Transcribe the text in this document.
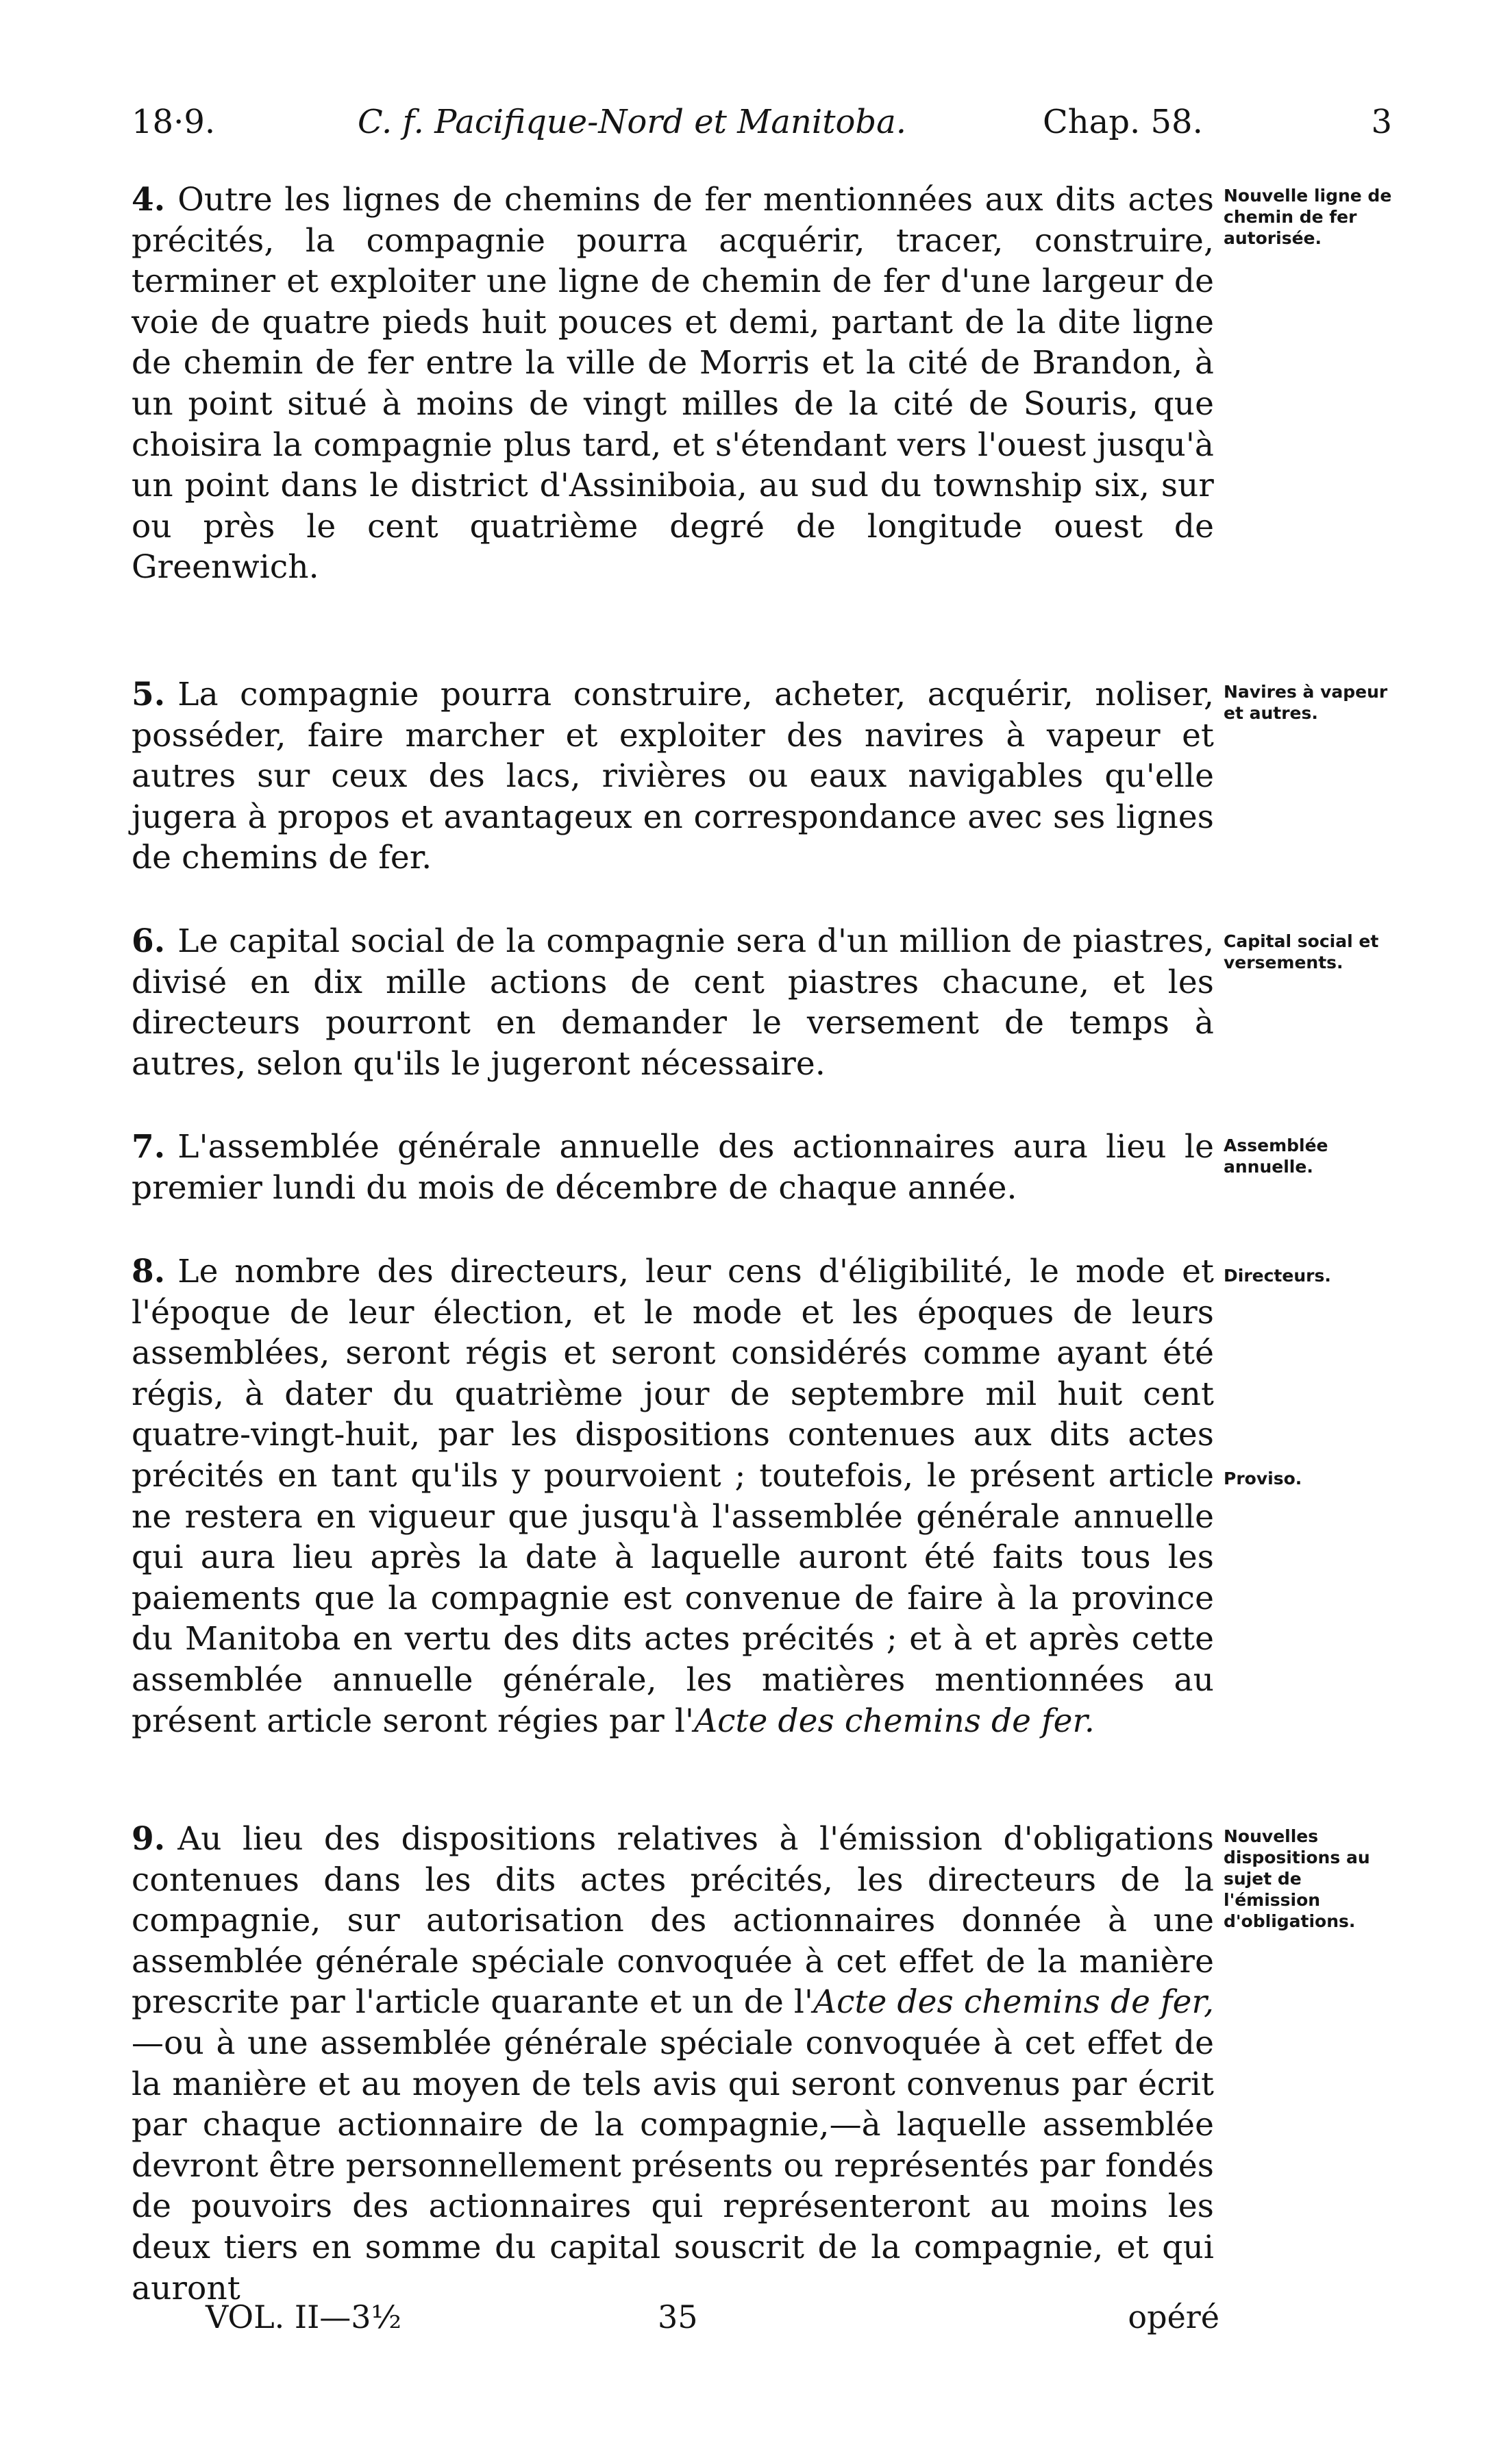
18·9.	C. f. Pacifique-Nord et Manitoba.	Chap. 58.	3
4. Outre les lignes de chemins de fer mentionnées aux dits actes précités, la compagnie pourra acquérir, tracer, construire, terminer et exploiter une ligne de chemin de fer d'une largeur de voie de quatre pieds huit pouces et demi, partant de la dite ligne de chemin de fer entre la ville de Morris et la cité de Brandon, à un point situé à moins de vingt milles de la cité de Souris, que choisira la compagnie plus tard, et s'étendant vers l'ouest jusqu'à un point dans le district d'Assiniboia, au sud du township six, sur ou près le cent quatrième degré de longitude ouest de Greenwich.
Nouvelle ligne de chemin de fer autorisée.
5. La compagnie pourra construire, acheter, acquérir, noliser, posséder, faire marcher et exploiter des navires à vapeur et autres sur ceux des lacs, rivières ou eaux navigables qu'elle jugera à propos et avantageux en correspondance avec ses lignes de chemins de fer.
Navires à vapeur et autres.
6. Le capital social de la compagnie sera d'un million de piastres, divisé en dix mille actions de cent piastres chacune, et les directeurs pourront en demander le versement de temps à autres, selon qu'ils le jugeront nécessaire.
Capital social et versements.
7. L'assemblée générale annuelle des actionnaires aura lieu le premier lundi du mois de décembre de chaque année.
Assemblée annuelle.
8. Le nombre des directeurs, leur cens d'éligibilité, le mode et l'époque de leur élection, et le mode et les époques de leurs assemblées, seront régis et seront considérés comme ayant été régis, à dater du quatrième jour de septembre mil huit cent quatre-vingt-huit, par les dispositions contenues aux dits actes précités en tant qu'ils y pourvoient ; toutefois, le présent article ne restera en vigueur que jusqu'à l'assemblée générale annuelle qui aura lieu après la date à laquelle auront été faits tous les paiements que la compagnie est convenue de faire à la province du Manitoba en vertu des dits actes précités ; et à et après cette assemblée annuelle générale, les matières mentionnées au présent article seront régies par l'Acte des chemins de fer.
Directeurs.
Proviso.
9. Au lieu des dispositions relatives à l'émission d'obligations contenues dans les dits actes précités, les directeurs de la compagnie, sur autorisation des actionnaires donnée à une assemblée générale spéciale convoquée à cet effet de la manière prescrite par l'article quarante et un de l'Acte des chemins de fer,—ou à une assemblée générale spéciale convoquée à cet effet de la manière et au moyen de tels avis qui seront convenus par écrit par chaque actionnaire de la compagnie,—à laquelle assemblée devront être personnellement présents ou représentés par fondés de pouvoirs des actionnaires qui représenteront au moins les deux tiers en somme du capital souscrit de la compagnie, et qui auront
Nouvelles dispositions au sujet de l'émission d'obligations.
VOL. II—3½	35	opéré
